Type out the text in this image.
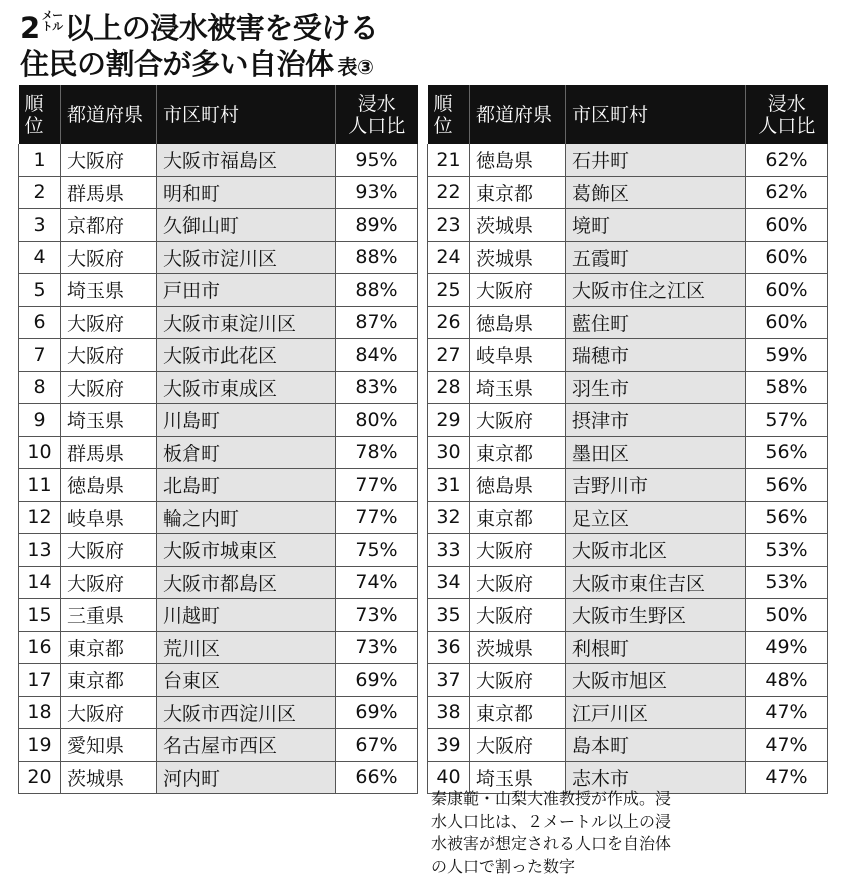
2 メー
トル以上の浸水被害を受ける
住民の割合が多い自治体 表③
順
位	都道府県	市区町村	浸水
人口比
1	大阪府	大阪市福島区	95%
2	群馬県	明和町	93%
3	京都府	久御山町	89%
4	大阪府	大阪市淀川区	88%
5	埼玉県	戸田市	88%
6	大阪府	大阪市東淀川区	87%
7	大阪府	大阪市此花区	84%
8	大阪府	大阪市東成区	83%
9	埼玉県	川島町	80%
10	群馬県	板倉町	78%
11	徳島県	北島町	77%
12	岐阜県	輪之内町	77%
13	大阪府	大阪市城東区	75%
14	大阪府	大阪市都島区	74%
15	三重県	川越町	73%
16	東京都	荒川区	73%
17	東京都	台東区	69%
18	大阪府	大阪市西淀川区	69%
19	愛知県	名古屋市西区	67%
20	茨城県	河内町	66%
順
位	都道府県	市区町村	浸水
人口比
21	徳島県	石井町	62%
22	東京都	葛飾区	62%
23	茨城県	境町	60%
24	茨城県	五霞町	60%
25	大阪府	大阪市住之江区	60%
26	徳島県	藍住町	60%
27	岐阜県	瑞穂市	59%
28	埼玉県	羽生市	58%
29	大阪府	摂津市	57%
30	東京都	墨田区	56%
31	徳島県	吉野川市	56%
32	東京都	足立区	56%
33	大阪府	大阪市北区	53%
34	大阪府	大阪市東住吉区	53%
35	大阪府	大阪市生野区	50%
36	茨城県	利根町	49%
37	大阪府	大阪市旭区	48%
38	東京都	江戸川区	47%
39	大阪府	島本町	47%
40	埼玉県	志木市	47%
秦康範・山梨大准教授が作成。浸
水人口比は、２メートル以上の浸
水被害が想定される人口を自治体
の人口で割った数字
